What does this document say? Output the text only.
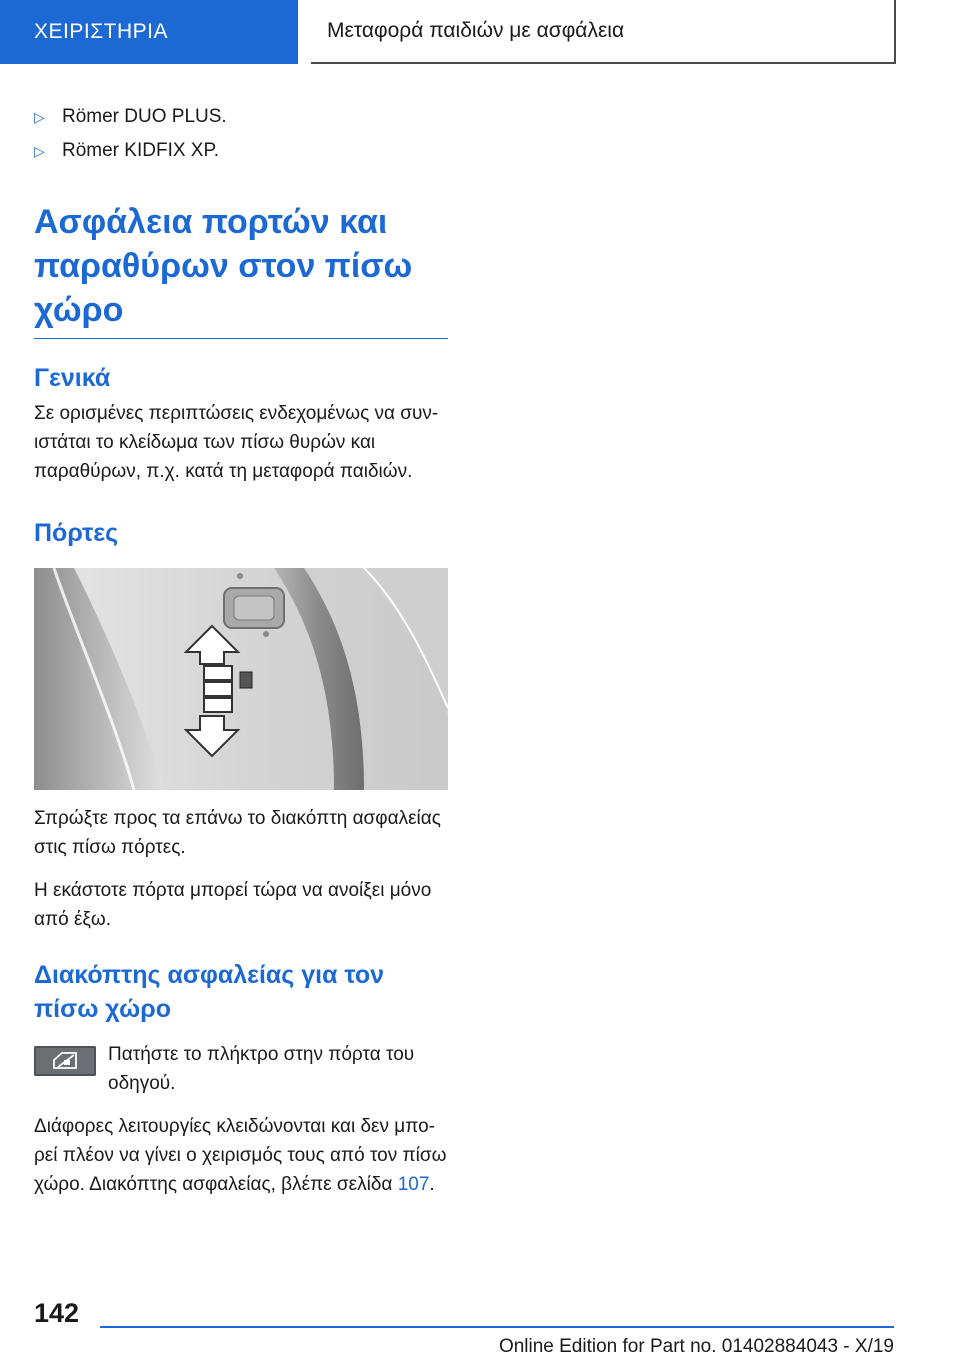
ΧΕΙΡΙΣΤΗΡΙΑ	Μεταφορά παιδιών με ασφάλεια
▷ Römer DUO PLUS.
▷ Römer KIDFIX XP.
Ασφάλεια πορτών και παραθύρων στον πίσω χώρο
Γενικά

Σε ορισμένες περιπτώσεις ενδεχομένως να συνιστάται το κλείδωμα των πίσω θυρών και παραθύρων, π.χ. κατά τη μεταφορά παιδιών.

Πόρτες

Σπρώξτε προς τα επάνω το διακόπτη ασφαλείας στις πίσω πόρτες.

Η εκάστοτε πόρτα μπορεί τώρα να ανοίξει μόνο από έξω.

Διακόπτης ασφαλείας για τον πίσω χώρο

Πατήστε το πλήκτρο στην πόρτα του οδηγού.

Διάφορες λειτουργίες κλειδώνονται και δεν μπορεί πλέον να γίνει ο χειρισμός τους από τον πίσω χώρο. Διακόπτης ασφαλείας, βλέπε σελίδα 107.

142
Online Edition for Part no. 01402884043 - X/19
